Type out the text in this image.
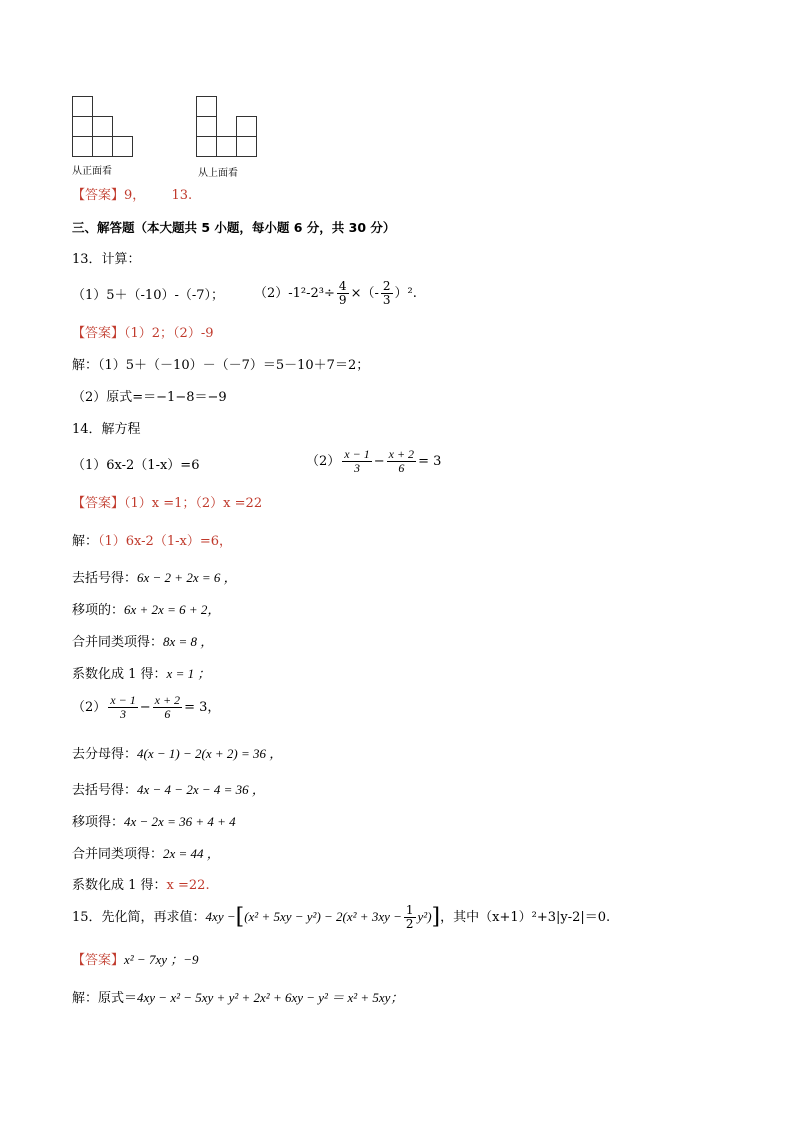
从正面看	从上面看
【答案】9， 13.
三、解答题（本大题共 5 小题，每小题 6 分，共 30 分）
13．计算：
（1）5＋（-10）-（-7）； $(2)-1^2-2^3\div \frac{4}{9}$ ×（- $\frac{2}{3} )^2$.
【答案】（1）2；（2）-9
解：（1）5＋（－10）－（－7）＝5－10＋7＝2；
（2）原式=＝−1−8＝−9
14．解方程
（1）6x-2（1-x）=6	$(2) \frac{x - 1}{3} - \frac{x + 2}{6} = 3$
【答案】（1）x =1；（2）x =22
解：（1）6x-2（1-x）=6，
去括号得：6x − 2 + 2x = 6 ，
移项的：6x + 2x = 6 + 2，
合并同类项得：8x = 8 ，
系数化成 1 得：x = 1 ；
$(2) \frac{x - 1}{3} - \frac{x + 2}{6} = 3$，
去分母得：4(x − 1) − 2(x + 2) = 36 ，
去括号得：4x − 4 − 2x − 4 = 36 ，
移项得：4x − 2x = 36 + 4 + 4
合并同类项得：2x = 44 ，
系数化成 1 得：x =22.
15．先化简，再求值：$4xy -[(x^2 + 5xy - y^2) - 2(x^2 + 3xy - \frac{1}{2} y^2)]$，其中（x+1）²+3|y-2|＝0.
【答案】x² − 7xy ；−9
解：原式＝4xy − x² − 5xy + y² + 2x² + 6xy − y² ＝ x² + 5xy；
